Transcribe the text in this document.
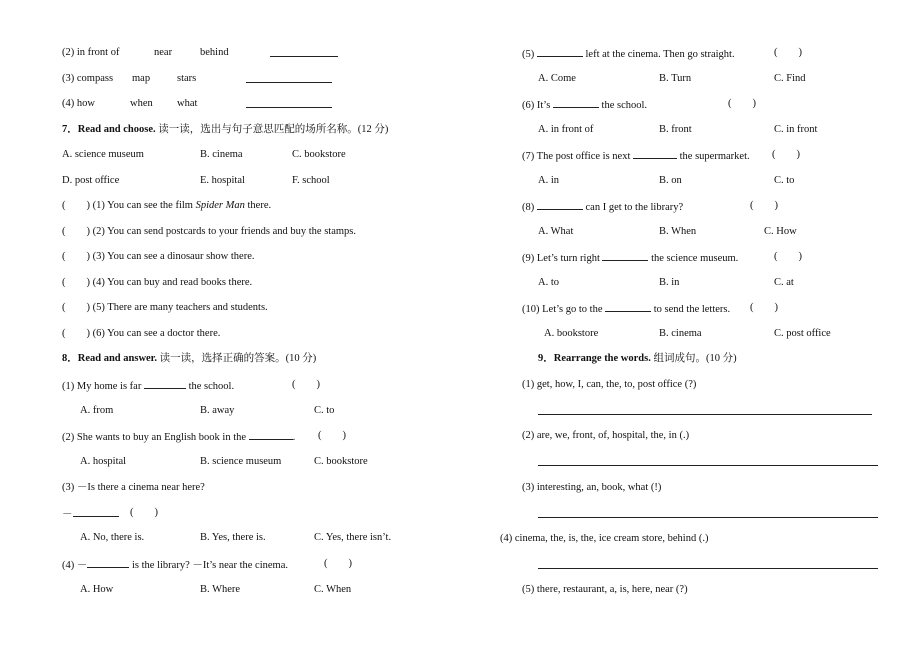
(2) in front of	near	behind
(3) compass map	stars
(4) how	when what
7．Read and choose. 读一读，选出与句子意思匹配的场所名称。(12 分)
A. science museum	B. cinema	C. bookstore
D. post office	E. hospital	F. school
(　　) (1) You can see the film Spider Man there.
(　　) (2) You can send postcards to your friends and buy the stamps.
(　　) (3) You can see a dinosaur show there.
(　　) (4) You can buy and read books there.
(　　) (5) There are many teachers and students.
(　　) (6) You can see a doctor there.
8．Read and answer. 读一读，选择正确的答案。(10 分)
(1) My home is far	the school.	(　　)
A. from	B. away	C. to
(2) She wants to buy an English book in the	. (　　)
A. hospital	B. science museum	C. bookstore
(3) －Is there a cinema near here?
－	(　　)
A. No, there is.	B. Yes, there is.	C. Yes, there isn’t.
(4) －	is the library? －It’s near the cinema.	(　　)
A. How	B. Where	C. When
(5)	left at the cinema. Then go straight.	(　　)
A. Come	B. Turn	C. Find
(6) It’s	the school.	(　　)
A. in front of	B. front	C. in front
(7) The post office is next	the supermarket. (　　)
A. in	B. on	C. to
(8)	can I get to the library?	(　　)
A. What	B. When	C. How
(9) Let’s turn right	the science museum.	(　　)
A. to	B. in	C. at
(10) Let’s go to the	to send the letters. (　　)
A. bookstore	B. cinema	C. post office
9．Rearrange the words. 组词成句。(10 分)
(1) get, how, I, can, the, to, post office (?)
(2) are, we, front, of, hospital, the, in (.)
(3) interesting, an, book, what (!)
(4) cinema, the, is, the, ice cream store, behind (.)
(5) there, restaurant, a, is, here, near (?)
